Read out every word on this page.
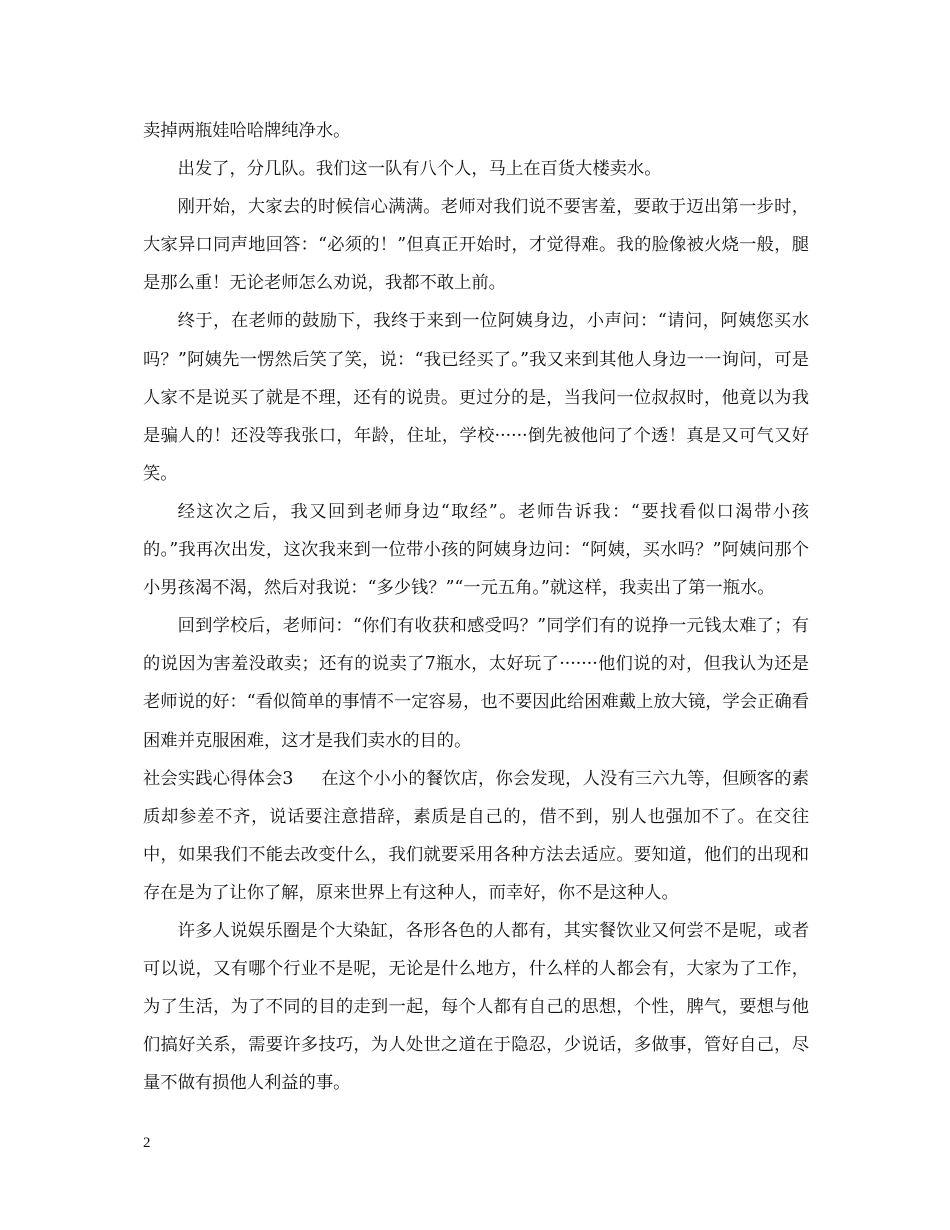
卖掉两瓶娃哈哈牌纯净水。

出发了，分几队。我们这一队有八个人，马上在百货大楼卖水。

刚开始，大家去的时候信心满满。老师对我们说不要害羞，要敢于迈出第一步时，大家异口同声地回答：“必须的！”但真正开始时，才觉得难。我的脸像被火烧一般，腿是那么重！无论老师怎么劝说，我都不敢上前。

终于，在老师的鼓励下，我终于来到一位阿姨身边，小声问：“请问，阿姨您买水吗？”阿姨先一愣然后笑了笑，说：“我已经买了。”我又来到其他人身边一一询问，可是人家不是说买了就是不理，还有的说贵。更过分的是，当我问一位叔叔时，他竟以为我是骗人的！还没等我张口，年龄，住址，学校······倒先被他问了个透！真是又可气又好笑。

经这次之后，我又回到老师身边“取经”。老师告诉我：“要找看似口渴带小孩的。”我再次出发，这次我来到一位带小孩的阿姨身边问：“阿姨，买水吗？”阿姨问那个小男孩渴不渴，然后对我说：“多少钱？”“一元五角。”就这样，我卖出了第一瓶水。

回到学校后，老师问：“你们有收获和感受吗？”同学们有的说挣一元钱太难了；有的说因为害羞没敢卖；还有的说卖了7瓶水，太好玩了·······他们说的对，但我认为还是老师说的好：“看似简单的事情不一定容易，也不要因此给困难戴上放大镜，学会正确看困难并克服困难，这才是我们卖水的目的。

社会实践心得体会3 在这个小小的餐饮店，你会发现，人没有三六九等，但顾客的素质却参差不齐，说话要注意措辞，素质是自己的，借不到，别人也强加不了。在交往中，如果我们不能去改变什么，我们就要采用各种方法去适应。要知道，他们的出现和存在是为了让你了解，原来世界上有这种人，而幸好，你不是这种人。

许多人说娱乐圈是个大染缸，各形各色的人都有，其实餐饮业又何尝不是呢，或者可以说，又有哪个行业不是呢，无论是什么地方，什么样的人都会有，大家为了工作，为了生活，为了不同的目的走到一起，每个人都有自己的思想，个性，脾气，要想与他们搞好关系，需要许多技巧，为人处世之道在于隐忍，少说话，多做事，管好自己，尽量不做有损他人利益的事。

2
